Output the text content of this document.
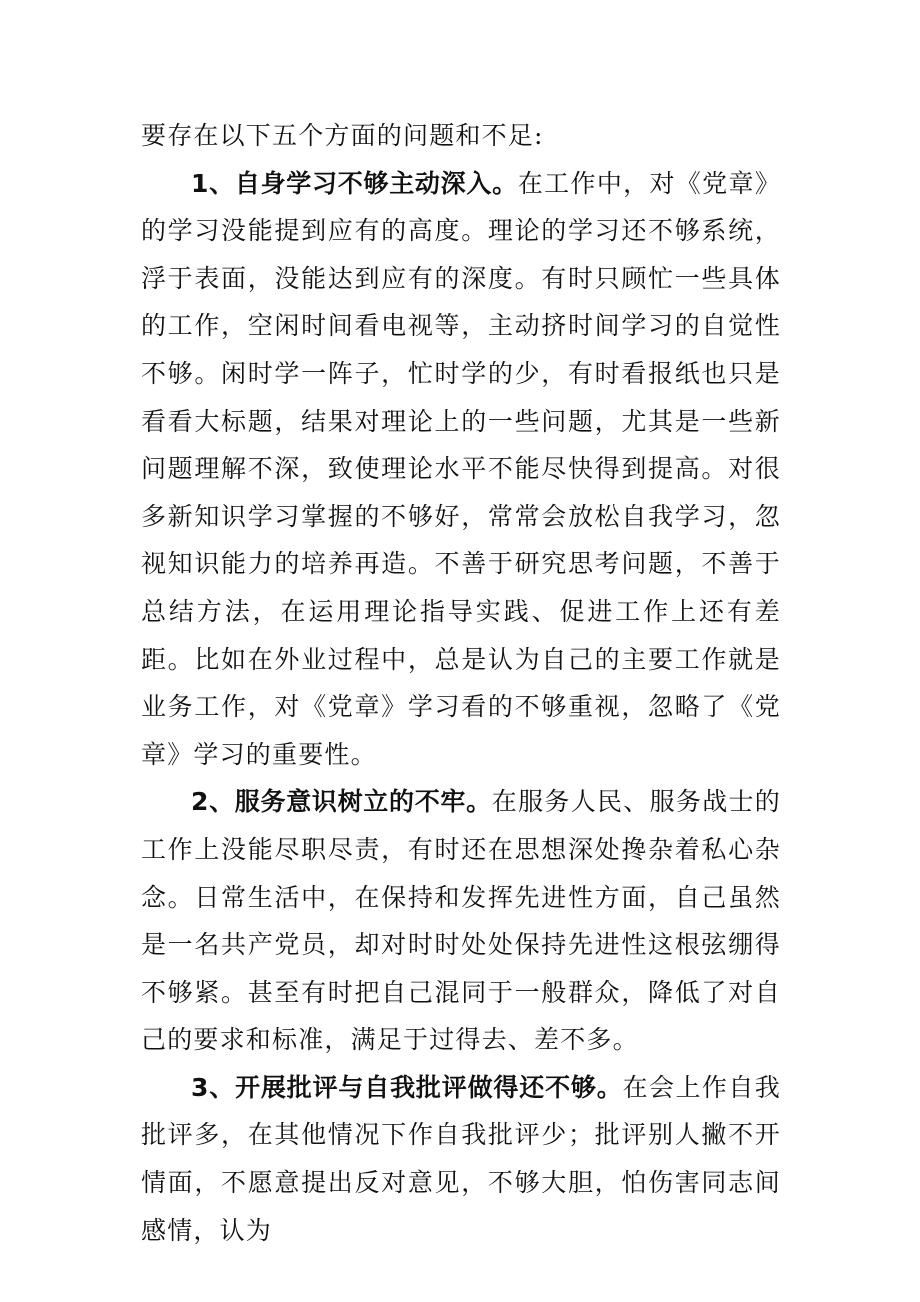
要存在以下五个方面的问题和不足:

1、自身学习不够主动深入。在工作中，对《党章》的学习没能提到应有的高度。理论的学习还不够系统，浮于表面，没能达到应有的深度。有时只顾忙一些具体的工作，空闲时间看电视等，主动挤时间学习的自觉性不够。闲时学一阵子，忙时学的少，有时看报纸也只是看看大标题，结果对理论上的一些问题，尤其是一些新问题理解不深，致使理论水平不能尽快得到提高。对很多新知识学习掌握的不够好，常常会放松自我学习，忽视知识能力的培养再造。不善于研究思考问题，不善于总结方法，在运用理论指导实践、促进工作上还有差距。比如在外业过程中，总是认为自己的主要工作就是业务工作，对《党章》学习看的不够重视，忽略了《党章》学习的重要性。

2、服务意识树立的不牢。在服务人民、服务战士的工作上没能尽职尽责，有时还在思想深处搀杂着私心杂念。日常生活中，在保持和发挥先进性方面，自己虽然是一名共产党员，却对时时处处保持先进性这根弦绷得不够紧。甚至有时把自己混同于一般群众，降低了对自己的要求和标准，满足于过得去、差不多。

3、开展批评与自我批评做得还不够。在会上作自我批评多，在其他情况下作自我批评少；批评别人撇不开情面，不愿意提出反对意见，不够大胆，怕伤害同志间感情，认为
